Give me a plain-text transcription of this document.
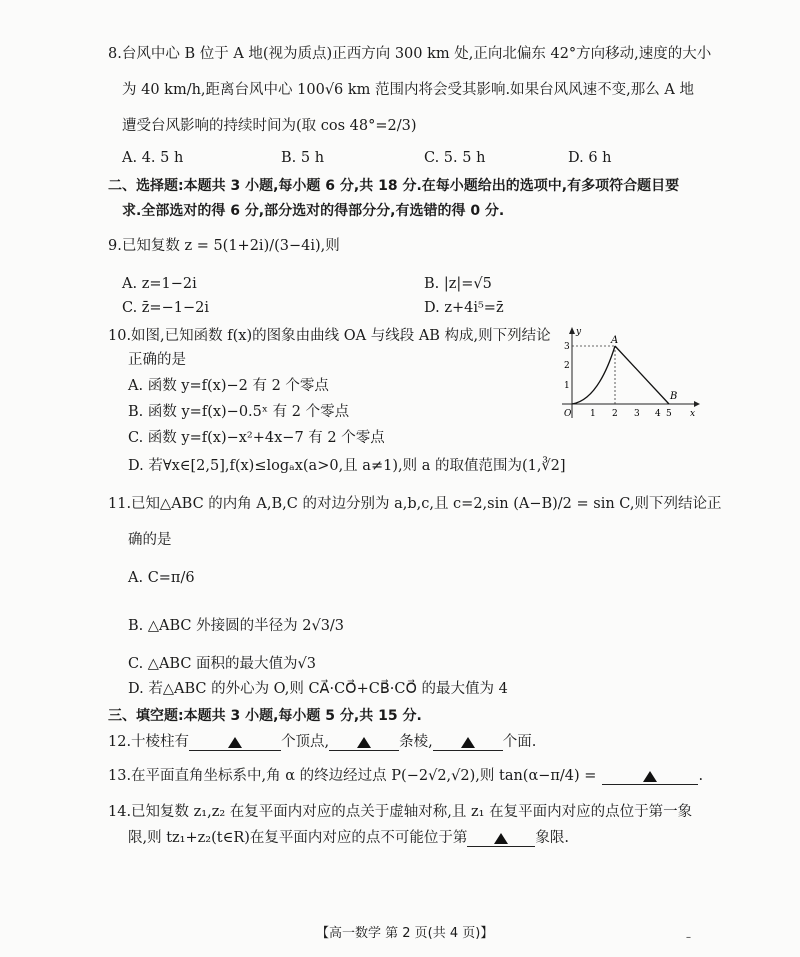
8.台风中心 B 位于 A 地(视为质点)正西方向 300 km 处,正向北偏东 42°方向移动,速度的大小
为 40 km/h,距离台风中心 100√6 km 范围内将会受其影响.如果台风风速不变,那么 A 地
遭受台风影响的持续时间为(取 cos 48°=2/3)
A. 4. 5 h	B. 5 h	C. 5. 5 h	D. 6 h
二、选择题:本题共 3 小题,每小题 6 分,共 18 分.在每小题给出的选项中,有多项符合题目要
求.全部选对的得 6 分,部分选对的得部分分,有选错的得 0 分.
9.已知复数 z = 5(1+2i)/(3−4i),则
A. z=1−2i	B. |z|=√5
C. z̄=−1−2i	D. z+4i⁵=z̄
10.如图,已知函数 f(x)的图象由曲线 OA 与线段 AB 构成,则下列结论
正确的是
A. 函数 y=f(x)−2 有 2 个零点
B. 函数 y=f(x)−0.5ˣ 有 2 个零点
C. 函数 y=f(x)−x²+4x−7 有 2 个零点
D. 若∀x∈[2,5],f(x)≤logₐx(a>0,且 a≠1),则 a 的取值范围为(1,∛2]
y
x
O 1 2 3 4 5
1
2
3
A
B
11.已知△ABC 的内角 A,B,C 的对边分别为 a,b,c,且 c=2,sin (A−B)/2 = sin C,则下列结论正
确的是
A. C=π/6
B. △ABC 外接圆的半径为 2√3/3
C. △ABC 面积的最大值为√3
D. 若△ABC 的外心为 O,则 CA⃗·CO⃗+CB⃗·CO⃗ 的最大值为 4
三、填空题:本题共 3 小题,每小题 5 分,共 15 分.
12.十棱柱有	个顶点,	条棱,	个面.
13.在平面直角坐标系中,角 α 的终边经过点 P(−2√2,√2),则 tan(α−π/4) =	.
14.已知复数 z₁,z₂ 在复平面内对应的点关于虚轴对称,且 z₁ 在复平面内对应的点位于第一象
限,则 tz₁+z₂(t∈R)在复平面内对应的点不可能位于第	象限.
【高一数学 第 2 页(共 4 页)】	–
